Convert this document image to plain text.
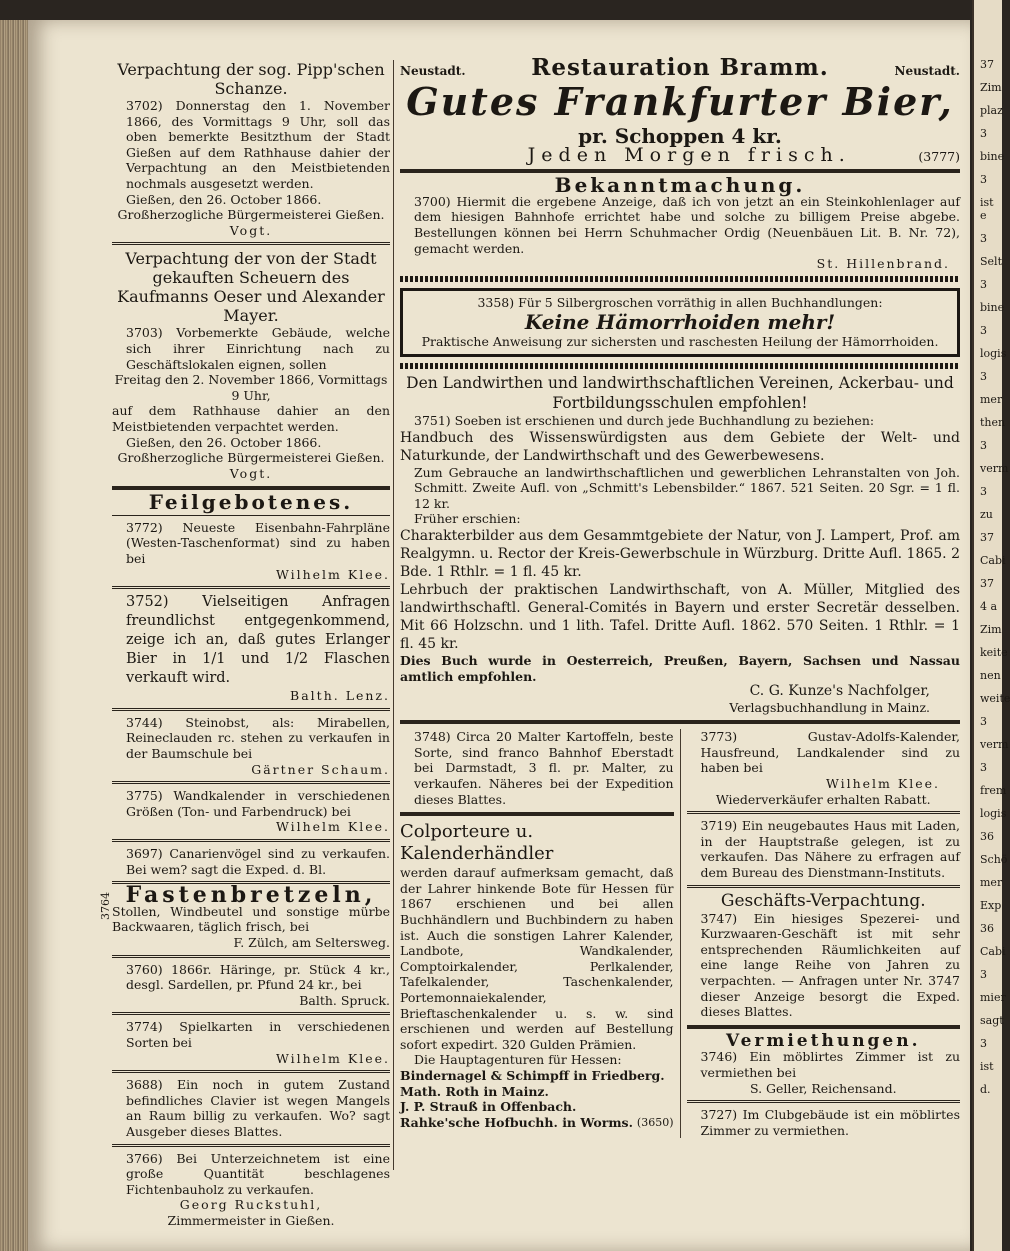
37
Zim
plaz
3
bine
3
ist e
3
Selt
3
bine
3
logis
3
mer
then
3
verm
3
zu
37
Cabi
37
4 a
Zim
keite
nen
weite
3
verm
3
frem
logis
36
Schö
mer
Exp
36
Cabi
3
mier
sagt
3
ist
d.
Verpachtung der sog. Pipp'schen Schanze.
3702) Donnerstag den 1. November 1866, des Vormittags 9 Uhr, soll das oben bemerkte Besitzthum der Stadt Gießen auf dem Rathhause dahier der Verpachtung an den Meistbietenden nochmals ausgesetzt werden.
Gießen, den 26. October 1866.
Großherzogliche Bürgermeisterei Gießen.
Vogt.
Verpachtung der von der Stadt gekauften Scheuern des Kaufmanns Oeser und Alexander Mayer.
3703) Vorbemerkte Gebäude, welche sich ihrer Einrichtung nach zu Geschäftslokalen eignen, sollen
Freitag den 2. November 1866, Vormittags 9 Uhr,
auf dem Rathhause dahier an den Meistbietenden verpachtet werden.
Gießen, den 26. October 1866.
Großherzogliche Bürgermeisterei Gießen.
Vogt.
Feilgebotenes.
3772) Neueste Eisenbahn-Fahrpläne (Westen-Taschenformat) sind zu haben bei
Wilhelm Klee.
3752) Vielseitigen Anfragen freundlichst entgegenkommend, zeige ich an, daß gutes Erlanger Bier in 1/1 und 1/2 Flaschen verkauft wird.
Balth. Lenz.
3744) Steinobst, als: Mirabellen, Reineclauden rc. stehen zu verkaufen in der Baumschule bei
Gärtner Schaum.
3775) Wandkalender in verschiedenen Größen (Ton- und Farbendruck) bei
Wilhelm Klee.
3697) Canarienvögel sind zu verkaufen. Bei wem? sagt die Exped. d. Bl.
3764 Fastenbretzeln,
Stollen, Windbeutel und sonstige mürbe Backwaaren, täglich frisch, bei
F. Zülch, am Seltersweg.
3760) 1866r. Häringe, pr. Stück 4 kr., desgl. Sardellen, pr. Pfund 24 kr., bei
Balth. Spruck.
3774) Spielkarten in verschiedenen Sorten bei
Wilhelm Klee.
3688) Ein noch in gutem Zustand befindliches Clavier ist wegen Mangels an Raum billig zu verkaufen. Wo? sagt Ausgeber dieses Blattes.
3766) Bei Unterzeichnetem ist eine große Quantität beschlagenes Fichtenbauholz zu verkaufen.
Georg Ruckstuhl,
Zimmermeister in Gießen.
Neustadt.	Restauration Bramm.	Neustadt.
Gutes Frankfurter Bier,
pr. Schoppen 4 kr.
Jeden Morgen frisch.	(3777)
Bekanntmachung.
3700) Hiermit die ergebene Anzeige, daß ich von jetzt an ein Steinkohlenlager auf dem hiesigen Bahnhofe errichtet habe und solche zu billigem Preise abgebe. Bestellungen können bei Herrn Schuhmacher Ordig (Neuenbäuen Lit. B. Nr. 72), gemacht werden.
St. Hillenbrand.
3358) Für 5 Silbergroschen vorräthig in allen Buchhandlungen:
Keine Hämorrhoiden mehr!
Praktische Anweisung zur sichersten und raschesten Heilung der Hämorrhoiden.
Den Landwirthen und landwirthschaftlichen Vereinen, Ackerbau- und Fortbildungsschulen empfohlen!
3751) Soeben ist erschienen und durch jede Buchhandlung zu beziehen:
Handbuch des Wissenswürdigsten aus dem Gebiete der Welt- und Naturkunde, der Landwirthschaft und des Gewerbewesens.
Zum Gebrauche an landwirthschaftlichen und gewerblichen Lehranstalten von Joh. Schmitt. Zweite Aufl. von „Schmitt's Lebensbilder.“ 1867. 521 Seiten. 20 Sgr. = 1 fl. 12 kr.
Früher erschien:
Charakterbilder aus dem Gesammtgebiete der Natur, von J. Lampert, Prof. am Realgymn. u. Rector der Kreis-Gewerbschule in Würzburg. Dritte Aufl. 1865. 2 Bde. 1 Rthlr. = 1 fl. 45 kr.
Lehrbuch der praktischen Landwirthschaft, von A. Müller, Mitglied des landwirthschaftl. General-Comités in Bayern und erster Secretär desselben. Mit 66 Holzschn. und 1 lith. Tafel. Dritte Aufl. 1862. 570 Seiten. 1 Rthlr. = 1 fl. 45 kr.
Dies Buch wurde in Oesterreich, Preußen, Bayern, Sachsen und Nassau amtlich empfohlen.
C. G. Kunze's Nachfolger,
Verlagsbuchhandlung in Mainz.
3748) Circa 20 Malter Kartoffeln, beste Sorte, sind franco Bahnhof Eberstadt bei Darmstadt, 3 fl. pr. Malter, zu verkaufen. Näheres bei der Expedition dieses Blattes.
Colporteure u. Kalenderhändler
werden darauf aufmerksam gemacht, daß der Lahrer hinkende Bote für Hessen für 1867 erschienen und bei allen Buchhändlern und Buchbindern zu haben ist. Auch die sonstigen Lahrer Kalender, Landbote, Wandkalender, Comptoirkalender, Perlkalender, Tafelkalender, Taschenkalender, Portemonnaiekalender, Brieftaschenkalender u. s. w. sind erschienen und werden auf Bestellung sofort expedirt. 320 Gulden Prämien.
Die Hauptagenturen für Hessen:
Bindernagel & Schimpff in Friedberg.
Math. Roth in Mainz.
J. P. Strauß in Offenbach.
Rahke'sche Hofbuchh. in Worms. (3650)
3773) Gustav-Adolfs-Kalender, Hausfreund, Landkalender sind zu haben bei
Wilhelm Klee.
Wiederverkäufer erhalten Rabatt.
3719) Ein neugebautes Haus mit Laden, in der Hauptstraße gelegen, ist zu verkaufen. Das Nähere zu erfragen auf dem Bureau des Dienstmann-Instituts.
Geschäfts-Verpachtung.
3747) Ein hiesiges Spezerei- und Kurzwaaren-Geschäft ist mit sehr entsprechenden Räumlichkeiten auf eine lange Reihe von Jahren zu verpachten. — Anfragen unter Nr. 3747 dieser Anzeige besorgt die Exped. dieses Blattes.
Vermiethungen.
3746) Ein möblirtes Zimmer ist zu vermiethen bei
S. Geller, Reichensand.
3727) Im Clubgebäude ist ein möblirtes Zimmer zu vermiethen.
